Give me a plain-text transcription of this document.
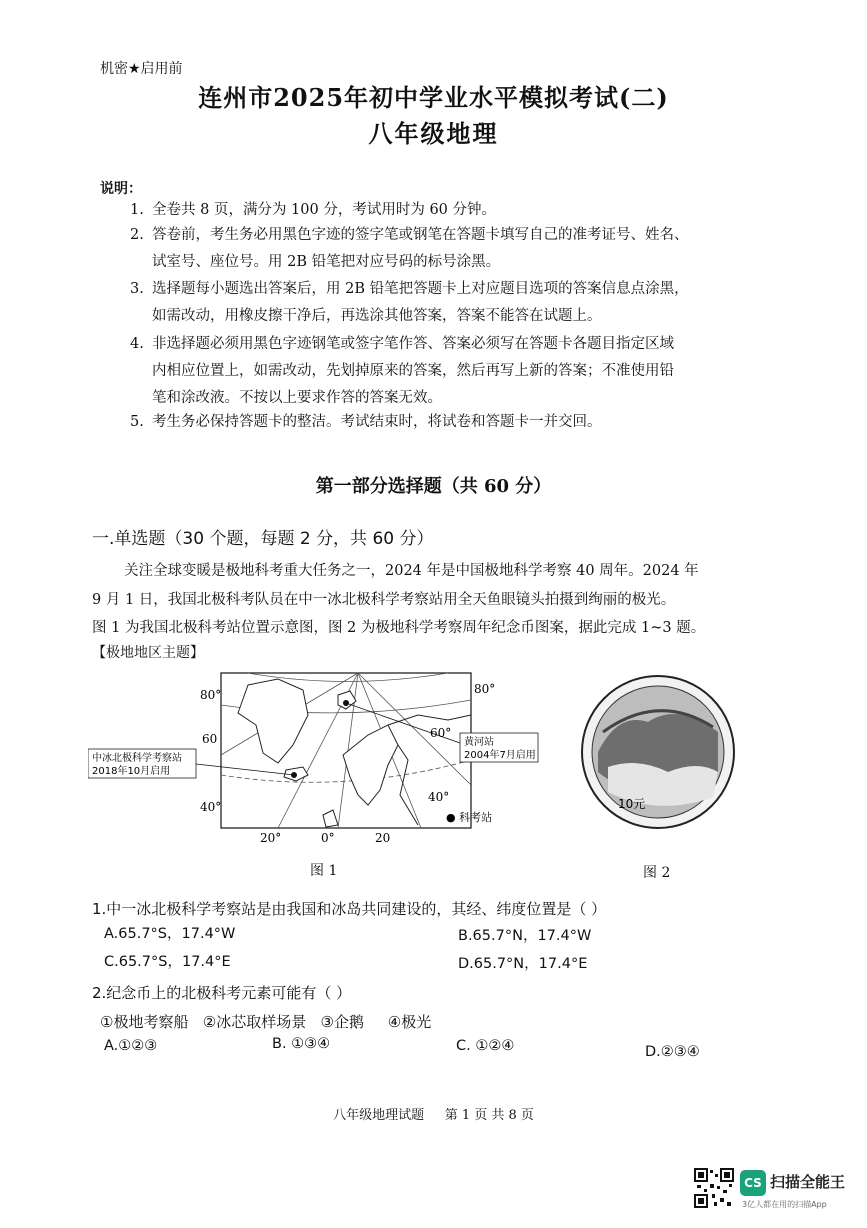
机密★启用前
连州市2025年初中学业水平模拟考试(二)
八年级地理
说明：
1. 全卷共 8 页，满分为 100 分，考试用时为 60 分钟。
2. 答卷前，考生务必用黑色字迹的签字笔或钢笔在答题卡填写自己的准考证号、姓名、
试室号、座位号。用 2B 铅笔把对应号码的标号涂黑。
3. 选择题每小题选出答案后，用 2B 铅笔把答题卡上对应题目选项的答案信息点涂黑，
如需改动，用橡皮擦干净后，再选涂其他答案，答案不能答在试题上。
4. 非选择题必须用黑色字迹钢笔或签字笔作答、答案必须写在答题卡各题目指定区域
内相应位置上，如需改动，先划掉原来的答案，然后再写上新的答案；不准使用铅
笔和涂改液。不按以上要求作答的答案无效。
5. 考生务必保持答题卡的整洁。考试结束时，将试卷和答题卡一并交回。
第一部分选择题（共 60 分）
一.单选题（30 个题，每题 2 分，共 60 分）
关注全球变暖是极地科考重大任务之一，2024 年是中国极地科学考察 40 周年。2024 年
9 月 1 日，我国北极科考队员在中一冰北极科学考察站用全天鱼眼镜头拍摄到绚丽的极光。
图 1 为我国北极科考站位置示意图，图 2 为极地科学考察周年纪念币图案，据此完成 1~3 题。
【极地地区主题】
中冰北极科学考察站
2018年10月启用
黄河站
2004年7月启用
80°
60
40°
80°
60°
40°
20°	0°	20
● 科考站
图 1
10元
图 2
1.中一冰北极科学考察站是由我国和冰岛共同建设的，其经、纬度位置是（ ）
A.65.7°S，17.4°W	B.65.7°N，17.4°W
C.65.7°S，17.4°E	D.65.7°N，17.4°E
2.纪念币上的北极科考元素可能有（ ）
①极地考察船   ②冰芯取样场景   ③企鹅     ④极光
A.①②③	B. ①③④	C. ①②④	D.②③④
八年级地理试题     第 1 页 共 8 页
CS 扫描全能王
3亿人都在用的扫描App
